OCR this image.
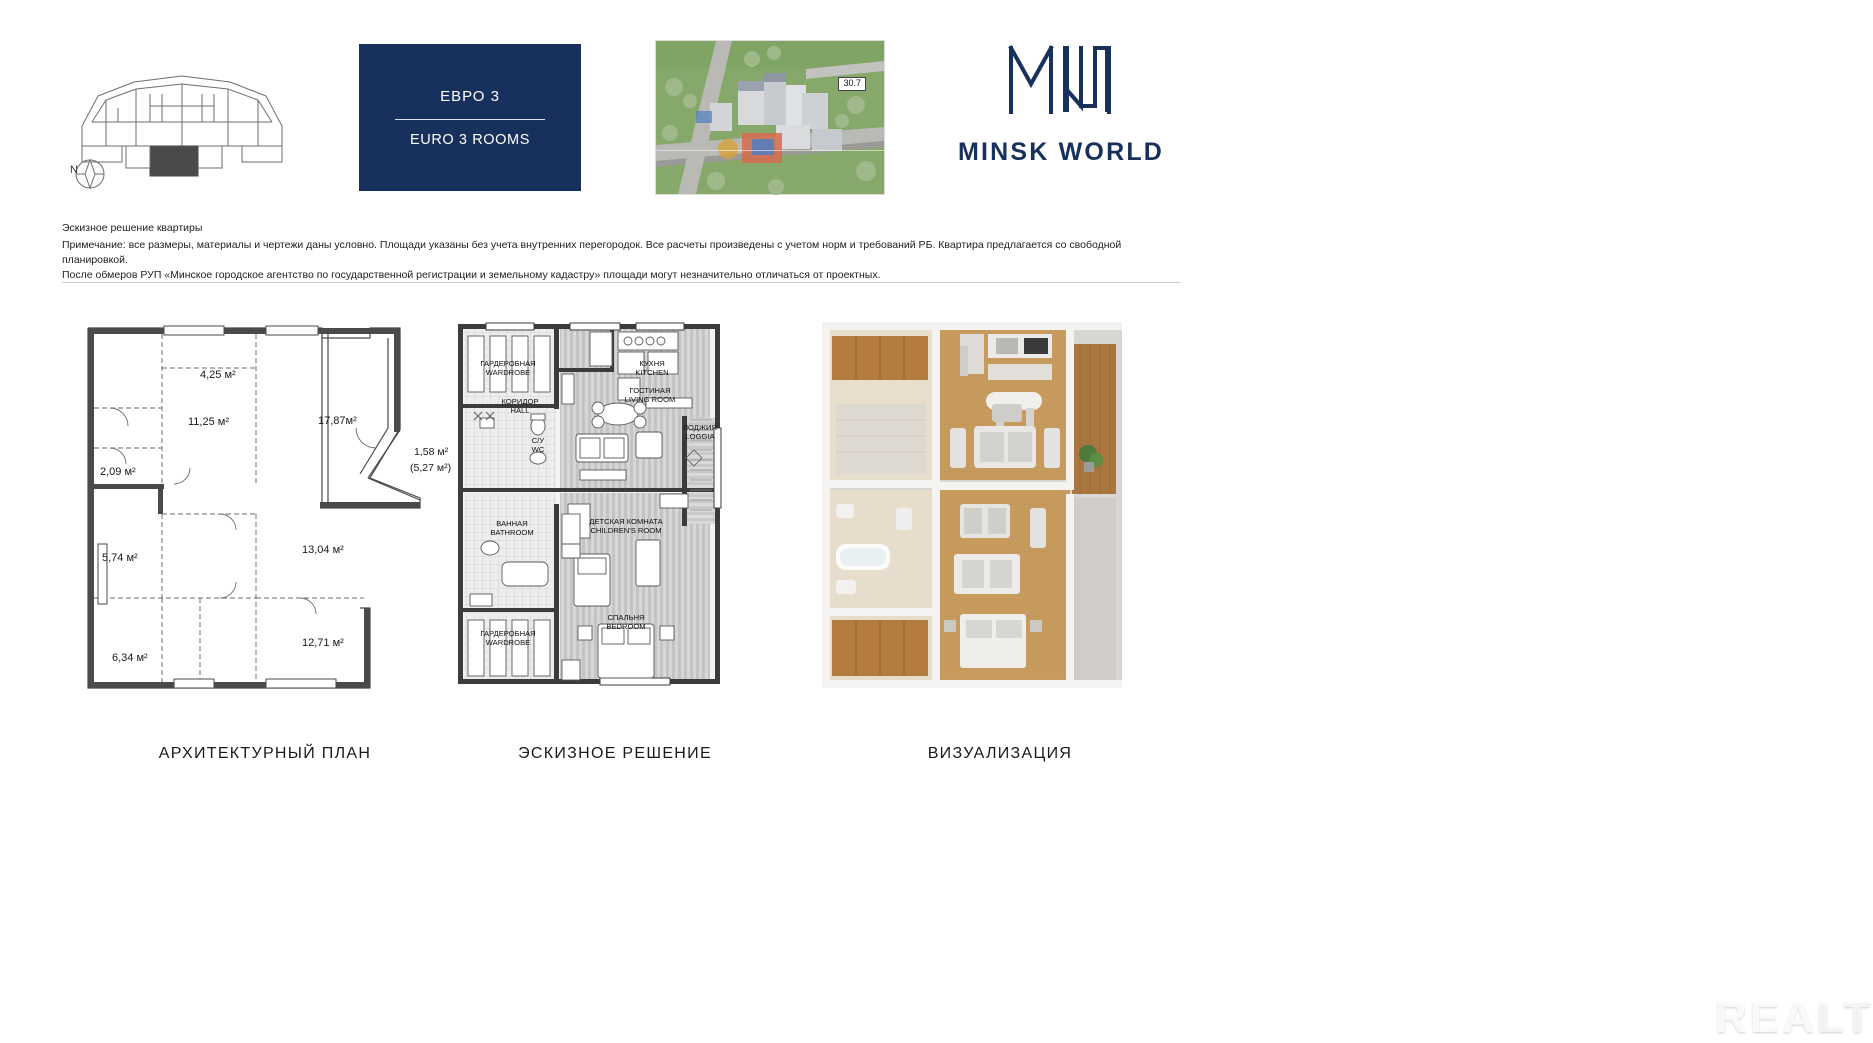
N
ЕВРО 3
EURO 3 ROOMS
30.7
MINSK WORLD
Эскизное решение квартиры

Примечание: все размеры, материалы и чертежи даны условно. Площади указаны без учета внутренних перегородок. Все расчеты произведены с учетом норм и требований РБ. Квартира предлагается со свободной планировкой.

После обмеров РУП «Минское городское агентство по государственной регистрации и земельному кадастру» площади могут незначительно отличаться от проектных.

4,25 м²
11,25 м²	17,87м²
1,58 м²
(5,27 м²)
2,09 м²
5,74 м²
13,04 м²
6,34 м²
12,71 м²
ГАРДЕРОБНАЯ
WARDROBE
КУХНЯ
KITCHEN
КОРИДОР
HALL
ГОСТИНАЯ
LIVING ROOM
ЛОДЖИЯ
LOGGIA
С/У
WC
ВАННАЯ
BATHROOM
ДЕТСКАЯ КОМНАТА
CHILDREN'S ROOM
ГАРДЕРОБНАЯ
WARDROBE
СПАЛЬНЯ
BEDROOM
REALT
АРХИТЕКТУРНЫЙ ПЛАН	ЭСКИЗНОЕ РЕШЕНИЕ	ВИЗУАЛИЗАЦИЯ
